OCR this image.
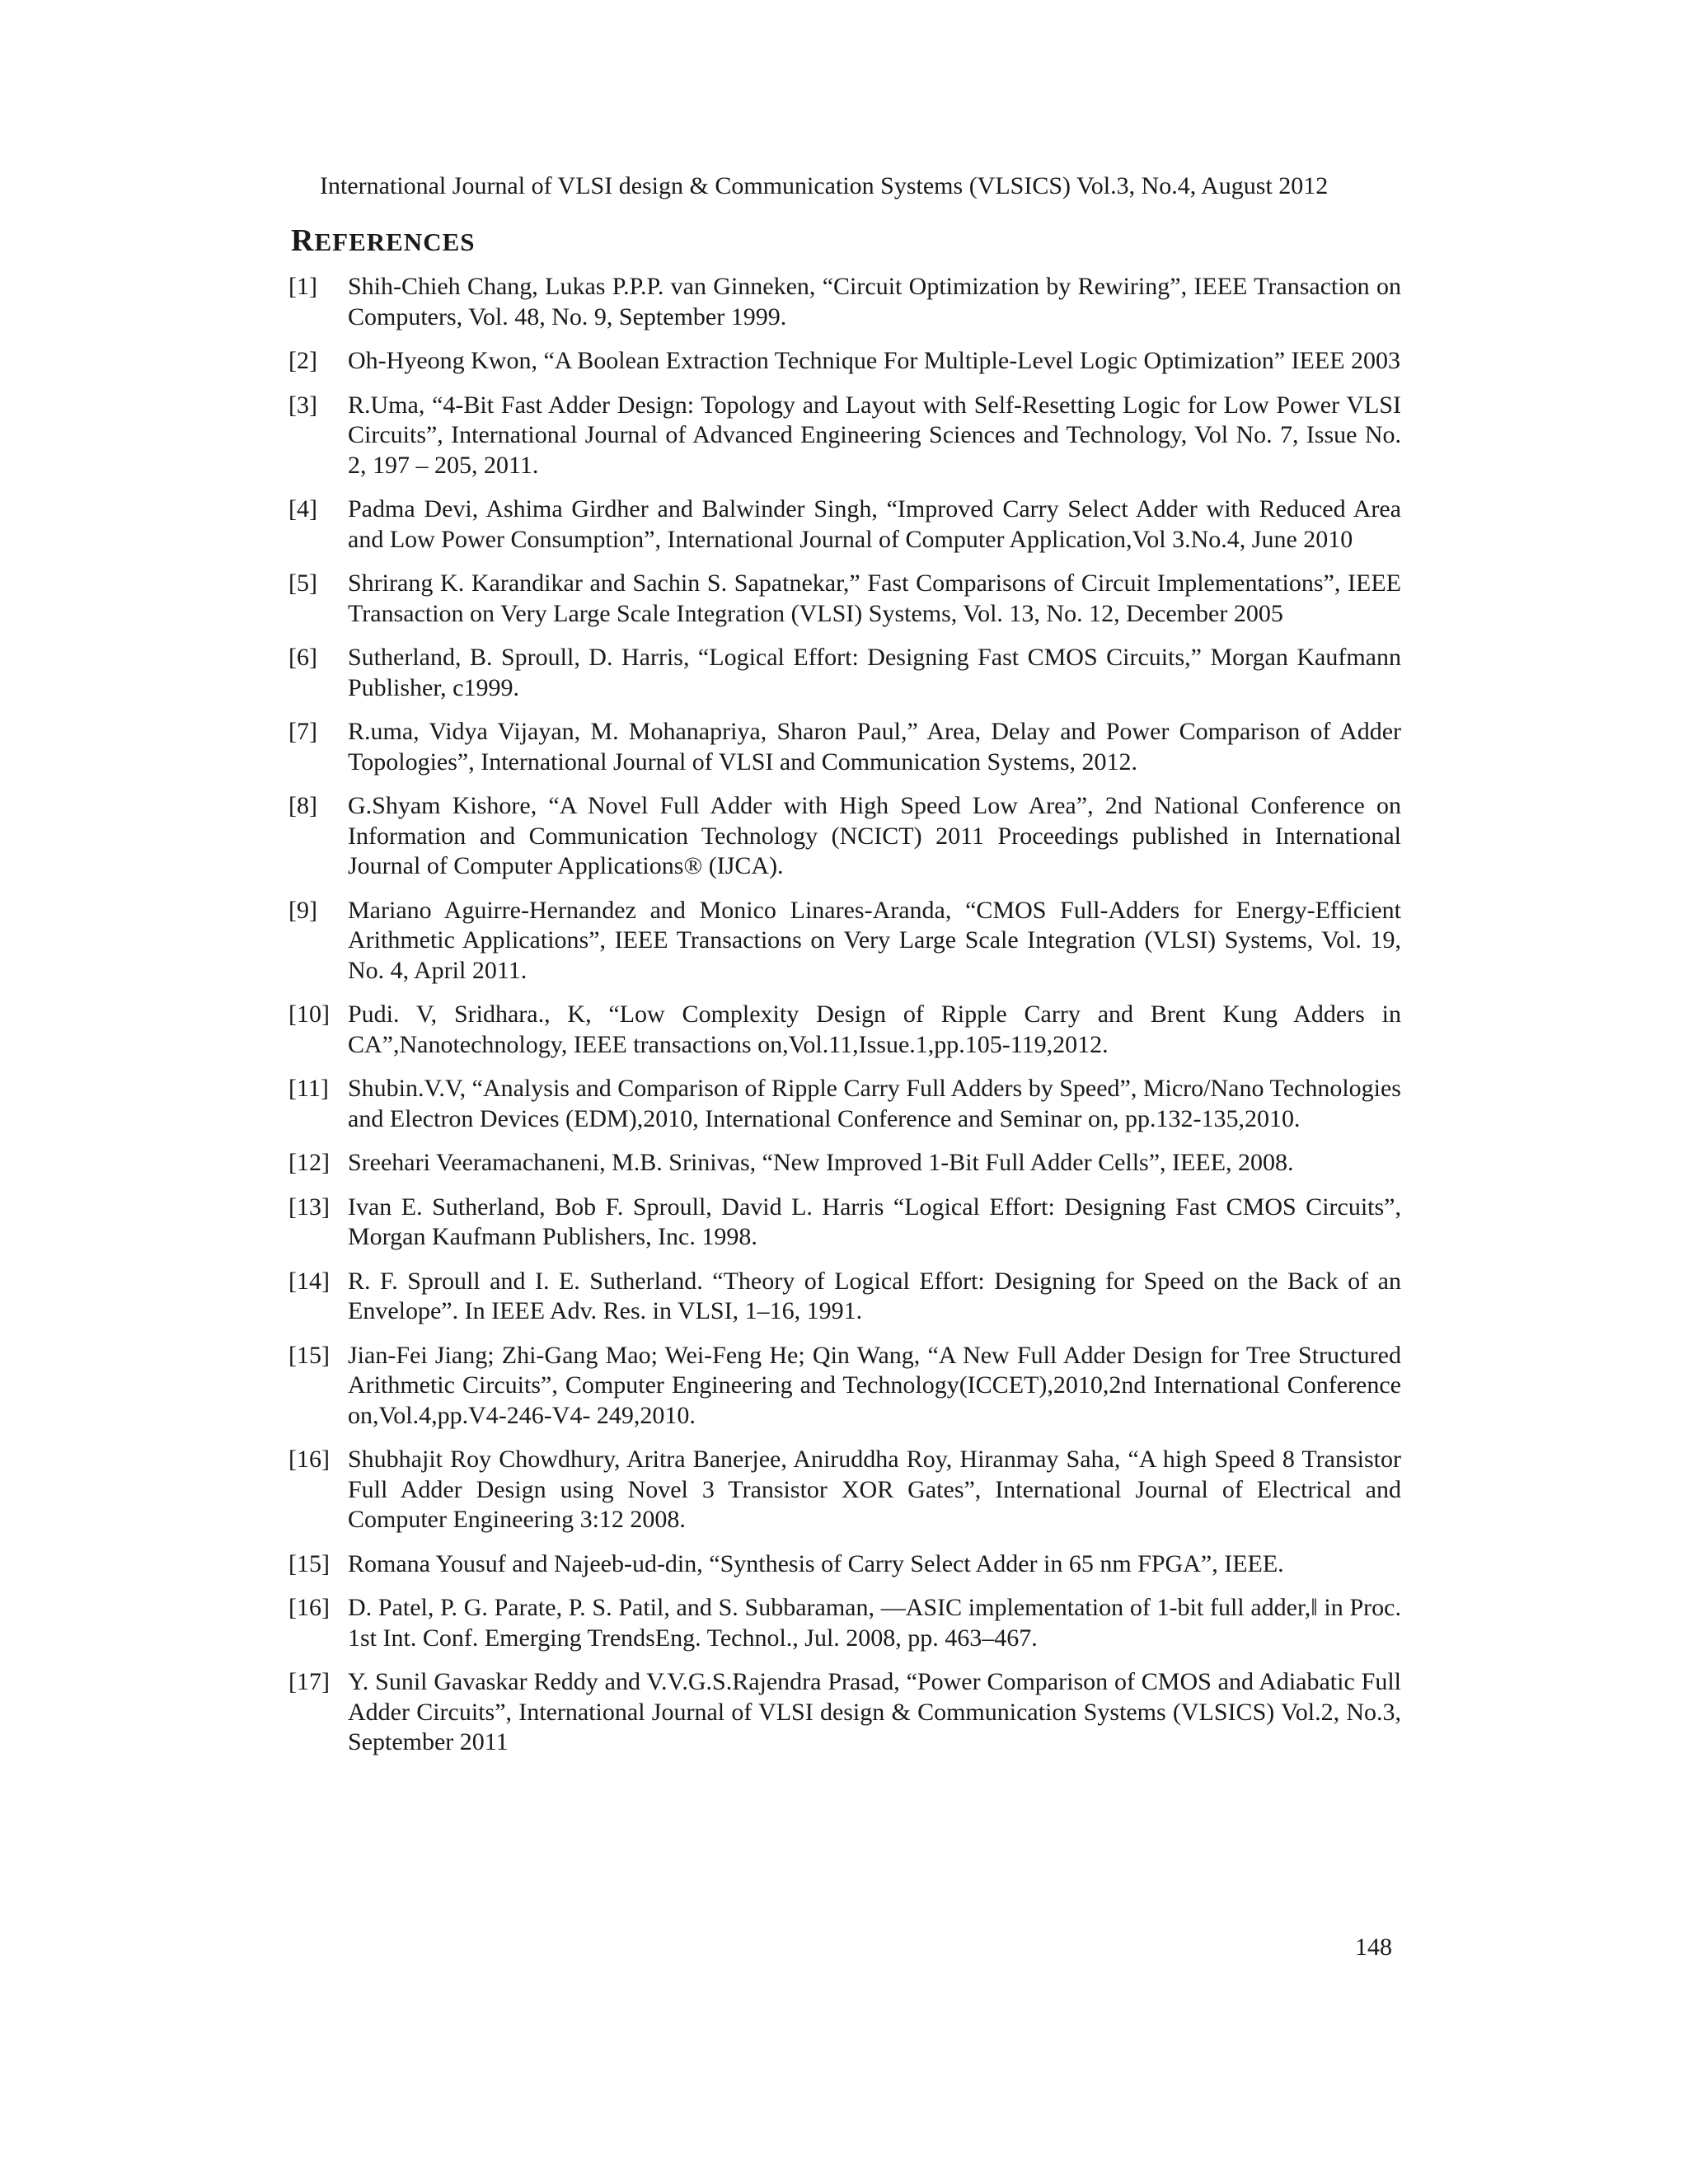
International Journal of VLSI design & Communication Systems (VLSICS) Vol.3, No.4, August 2012
REFERENCES
[1] Shih-Chieh Chang, Lukas P.P.P. van Ginneken, “Circuit Optimization by Rewiring”, IEEE Transaction on Computers, Vol. 48, No. 9, September 1999.
[2] Oh-Hyeong Kwon, “A Boolean Extraction Technique For Multiple-Level Logic Optimization” IEEE 2003
[3] R.Uma, “4-Bit Fast Adder Design: Topology and Layout with Self-Resetting Logic for Low Power VLSI Circuits”, International Journal of Advanced Engineering Sciences and Technology, Vol No. 7, Issue No. 2, 197 – 205, 2011.
[4] Padma Devi, Ashima Girdher and Balwinder Singh, “Improved Carry Select Adder with Reduced Area and Low Power Consumption”, International Journal of Computer Application,Vol 3.No.4, June 2010
[5] Shrirang K. Karandikar and Sachin S. Sapatnekar,” Fast Comparisons of Circuit Implementations”, IEEE Transaction on Very Large Scale Integration (VLSI) Systems, Vol. 13, No. 12, December 2005
[6] Sutherland, B. Sproull, D. Harris, “Logical Effort: Designing Fast CMOS Circuits,” Morgan Kaufmann Publisher, c1999.
[7] R.uma, Vidya Vijayan, M. Mohanapriya, Sharon Paul,” Area, Delay and Power Comparison of Adder Topologies”, International Journal of VLSI and Communication Systems, 2012.
[8] G.Shyam Kishore, “A Novel Full Adder with High Speed Low Area”, 2nd National Conference on Information and Communication Technology (NCICT) 2011 Proceedings published in International Journal of Computer Applications® (IJCA).
[9] Mariano Aguirre-Hernandez and Monico Linares-Aranda, “CMOS Full-Adders for Energy-Efficient Arithmetic Applications”, IEEE Transactions on Very Large Scale Integration (VLSI) Systems, Vol. 19, No. 4, April 2011.
[10] Pudi. V, Sridhara., K, “Low Complexity Design of Ripple Carry and Brent Kung Adders in CA”,Nanotechnology, IEEE transactions on,Vol.11,Issue.1,pp.105-119,2012.
[11] Shubin.V.V, “Analysis and Comparison of Ripple Carry Full Adders by Speed”, Micro/Nano Technologies and Electron Devices (EDM),2010, International Conference and Seminar on, pp.132-135,2010.
[12] Sreehari Veeramachaneni, M.B. Srinivas, “New Improved 1-Bit Full Adder Cells”, IEEE, 2008.
[13] Ivan E. Sutherland, Bob F. Sproull, David L. Harris “Logical Effort: Designing Fast CMOS Circuits”, Morgan Kaufmann Publishers, Inc. 1998.
[14] R. F. Sproull and I. E. Sutherland. “Theory of Logical Effort: Designing for Speed on the Back of an Envelope”. In IEEE Adv. Res. in VLSI, 1–16, 1991.
[15] Jian-Fei Jiang; Zhi-Gang Mao; Wei-Feng He; Qin Wang, “A New Full Adder Design for Tree Structured Arithmetic Circuits”, Computer Engineering and Technology(ICCET),2010,2nd International Conference on,Vol.4,pp.V4-246-V4- 249,2010.
[16] Shubhajit Roy Chowdhury, Aritra Banerjee, Aniruddha Roy, Hiranmay Saha, “A high Speed 8 Transistor Full Adder Design using Novel 3 Transistor XOR Gates”, International Journal of Electrical and Computer Engineering 3:12 2008.
[15] Romana Yousuf and Najeeb-ud-din, “Synthesis of Carry Select Adder in 65 nm FPGA”, IEEE.
[16] D. Patel, P. G. Parate, P. S. Patil, and S. Subbaraman, ―ASIC implementation of 1-bit full adder,‖ in Proc. 1st Int. Conf. Emerging TrendsEng. Technol., Jul. 2008, pp. 463–467.
[17] Y. Sunil Gavaskar Reddy and V.V.G.S.Rajendra Prasad, “Power Comparison of CMOS and Adiabatic Full Adder Circuits”, International Journal of VLSI design & Communication Systems (VLSICS) Vol.2, No.3, September 2011
148
